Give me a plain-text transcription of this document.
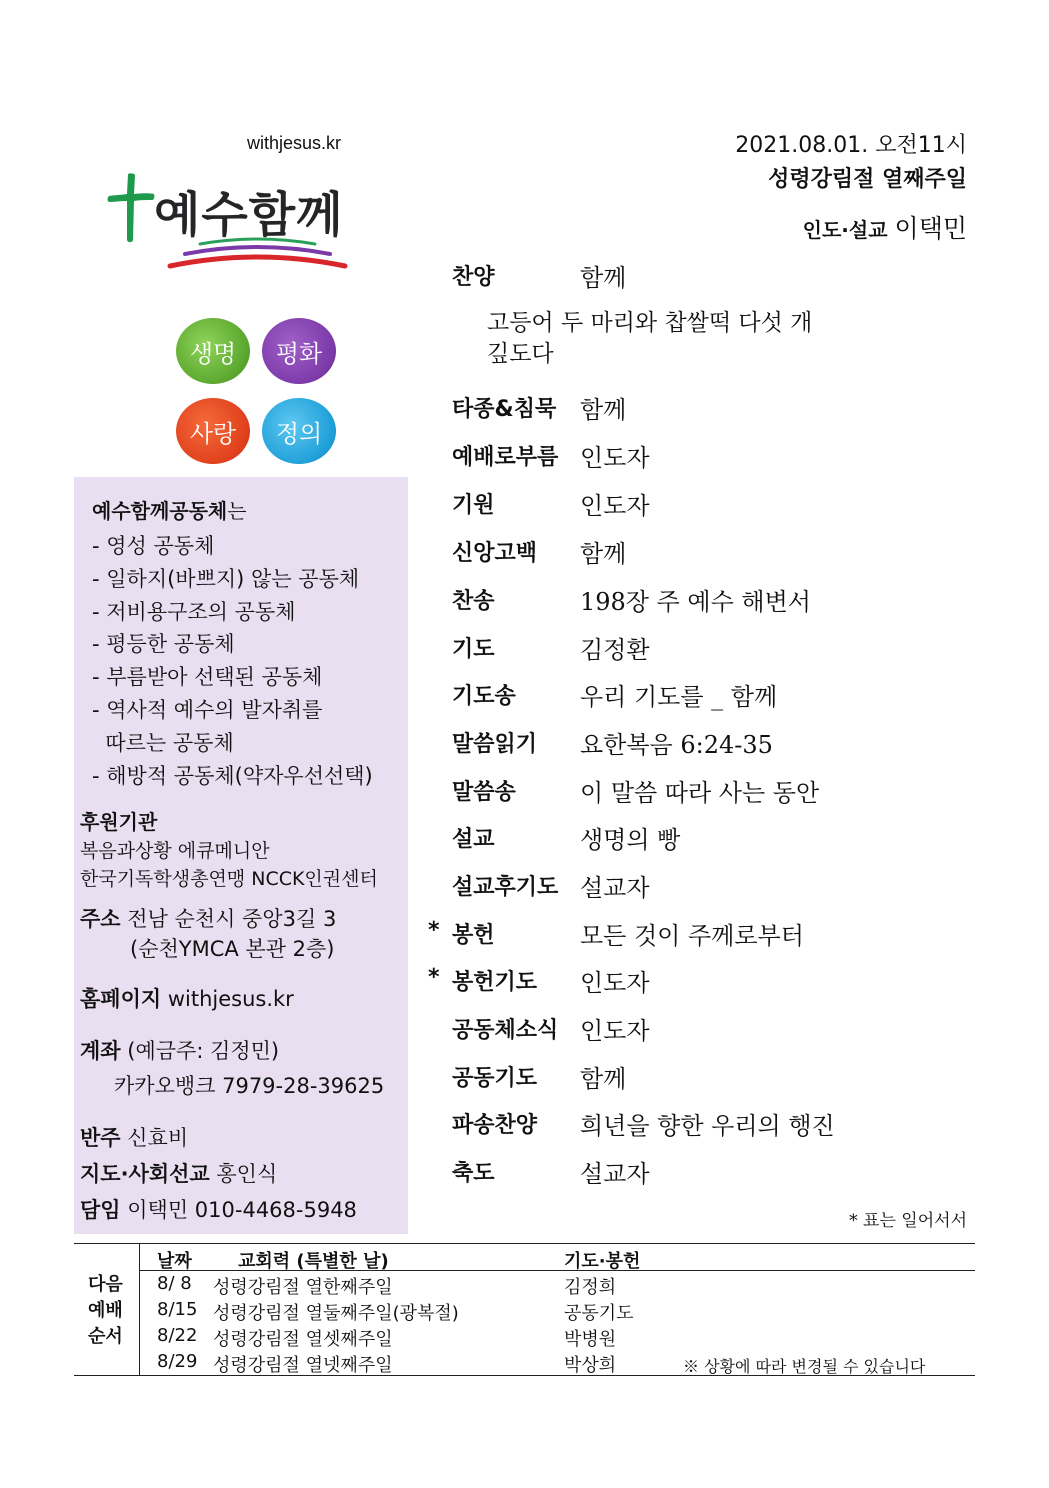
withjesus.kr
예수함께
생명 평화
사랑 정의
예수함께공동체는
- 영성 공동체
- 일하지(바쁘지) 않는 공동체
- 저비용구조의 공동체
- 평등한 공동체
- 부름받아 선택된 공동체
- 역사적 예수의 발자취를
따르는 공동체
- 해방적 공동체(약자우선선택)
후원기관
복음과상황 에큐메니안
한국기독학생총연맹 NCCK인권센터
주소 전남 순천시 중앙3길 3
(순천YMCA 본관 2층)
홈페이지 withjesus.kr
계좌 (예금주: 김정민)
카카오뱅크 7979-28-39625
반주 신효비
지도·사회선교 홍인식
담임 이택민 010-4468-5948
2021.08.01. 오전11시
성령강림절 열째주일
인도·설교 이택민
찬양	함께
타종&침묵 함께
예배로부름 인도자
기원	인도자
신앙고백 함께
찬송	198장 주 예수 해변서
기도	김정환
기도송	우리 기도를 _ 함께
말씀읽기 요한복음 6:24-35
말씀송	이 말씀 따라 사는 동안
설교	생명의 빵
설교후기도 설교자
* 봉헌	모든 것이 주께로부터
* 봉헌기도 인도자
공동체소식 인도자
공동기도 함께
파송찬양 희년을 향한 우리의 행진
축도	설교자
고등어 두 마리와 찹쌀떡 다섯 개
깊도다
* 표는 일어서서
날짜	교회력 (특별한 날)	기도·봉헌
다음
예배
순서
8/ 8 성령강림절 열한째주일	김정희
8/15 성령강림절 열둘째주일(광복절)	공동기도
8/22 성령강림절 열셋째주일	박병원
8/29 성령강림절 열넷째주일	박상희	※ 상황에 따라 변경될 수 있습니다
